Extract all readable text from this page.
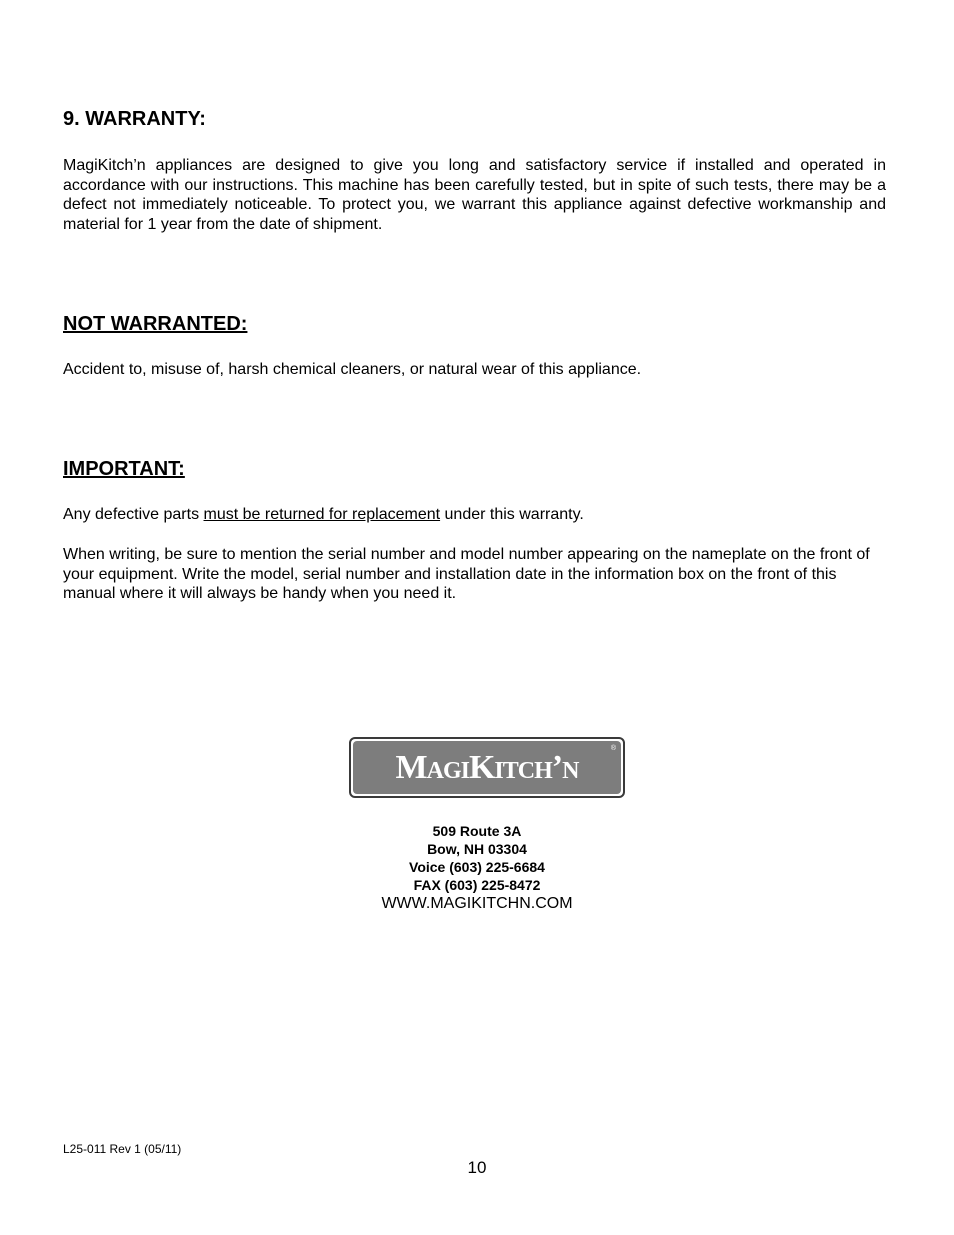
9. WARRANTY:

MagiKitch’n appliances are designed to give you long and satisfactory service if installed and operated in accordance with our instructions. This machine has been carefully tested, but in spite of such tests, there may be a defect not immediately noticeable. To protect you, we warrant this appliance against defective workmanship and material for 1 year from the date of shipment.

NOT WARRANTED:

Accident to, misuse of, harsh chemical cleaners, or natural wear of this appliance.

IMPORTANT:

Any defective parts must be returned for replacement under this warranty.

When writing, be sure to mention the serial number and model number appearing on the nameplate on the front of your equipment. Write the model, serial number and installation date in the information box on the front of this manual where it will always be handy when you need it.

MagiKitch’n	®

509 Route 3A

Bow, NH 03304

Voice (603) 225-6684

FAX (603) 225-8472

WWW.MAGIKITCHN.COM

L25-011 Rev 1 (05/11)
10
